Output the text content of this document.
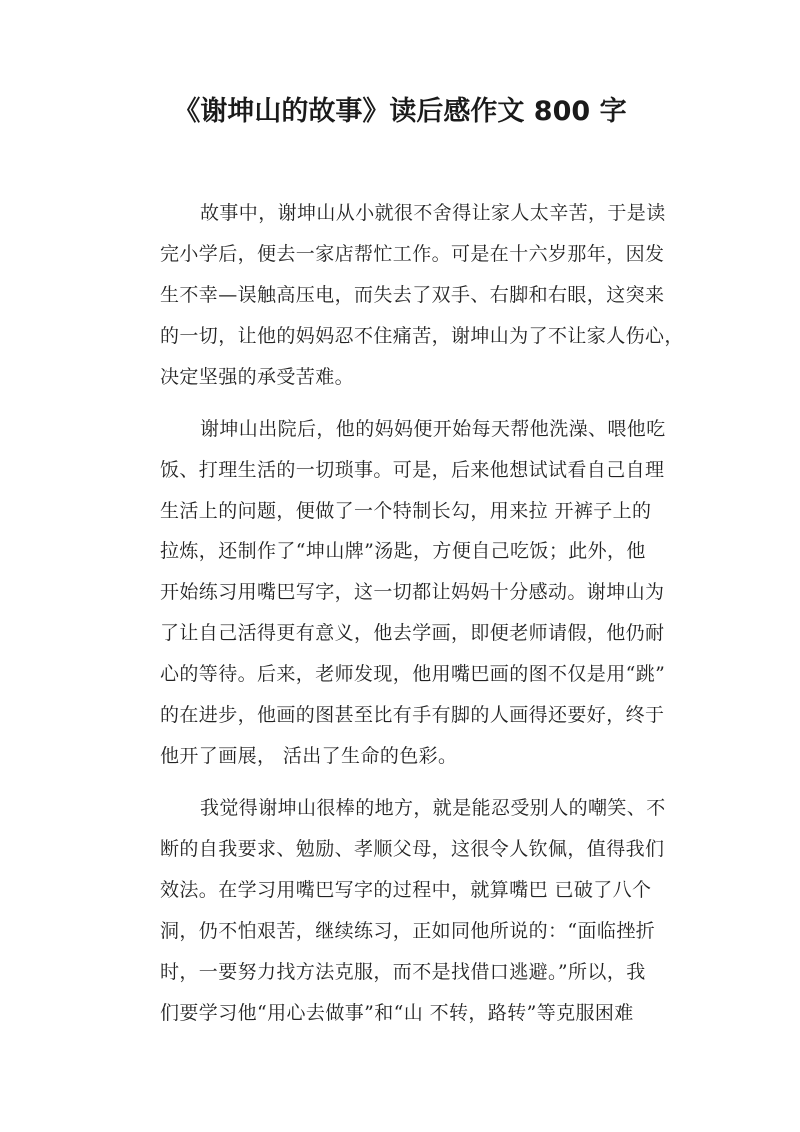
《谢坤山的故事》读后感作文 800 字

故事中，谢坤山从小就很不舍得让家人太辛苦，于是读
完小学后，便去一家店帮忙工作。可是在十六岁那年，因发
生不幸—误触高压电，而失去了双手、右脚和右眼，这突来
的一切，让他的妈妈忍不住痛苦，谢坤山为了不让家人伤心，
决定坚强的承受苦难。

谢坤山出院后，他的妈妈便开始每天帮他洗澡、喂他吃
饭、打理生活的一切琐事。可是，后来他想试试看自己自理
生活上的问题，便做了一个特制长勾，用来拉 开裤子上的
拉炼，还制作了“坤山牌”汤匙，方便自己吃饭；此外，他
开始练习用嘴巴写字，这一切都让妈妈十分感动。谢坤山为
了让自己活得更有意义，他去学画，即便老师请假，他仍耐
心的等待。后来，老师发现，他用嘴巴画的图不仅是用“跳”
的在进步，他画的图甚至比有手有脚的人画得还要好，终于
他开了画展， 活出了生命的色彩。

我觉得谢坤山很棒的地方，就是能忍受别人的嘲笑、不
断的自我要求、勉励、孝顺父母，这很令人钦佩，值得我们
效法。在学习用嘴巴写字的过程中，就算嘴巴 已破了八个
洞，仍不怕艰苦，继续练习，正如同他所说的：“面临挫折
时，一要努力找方法克服，而不是找借口逃避。”所以，我
们要学习他“用心去做事”和“山 不转，路转”等克服困难
